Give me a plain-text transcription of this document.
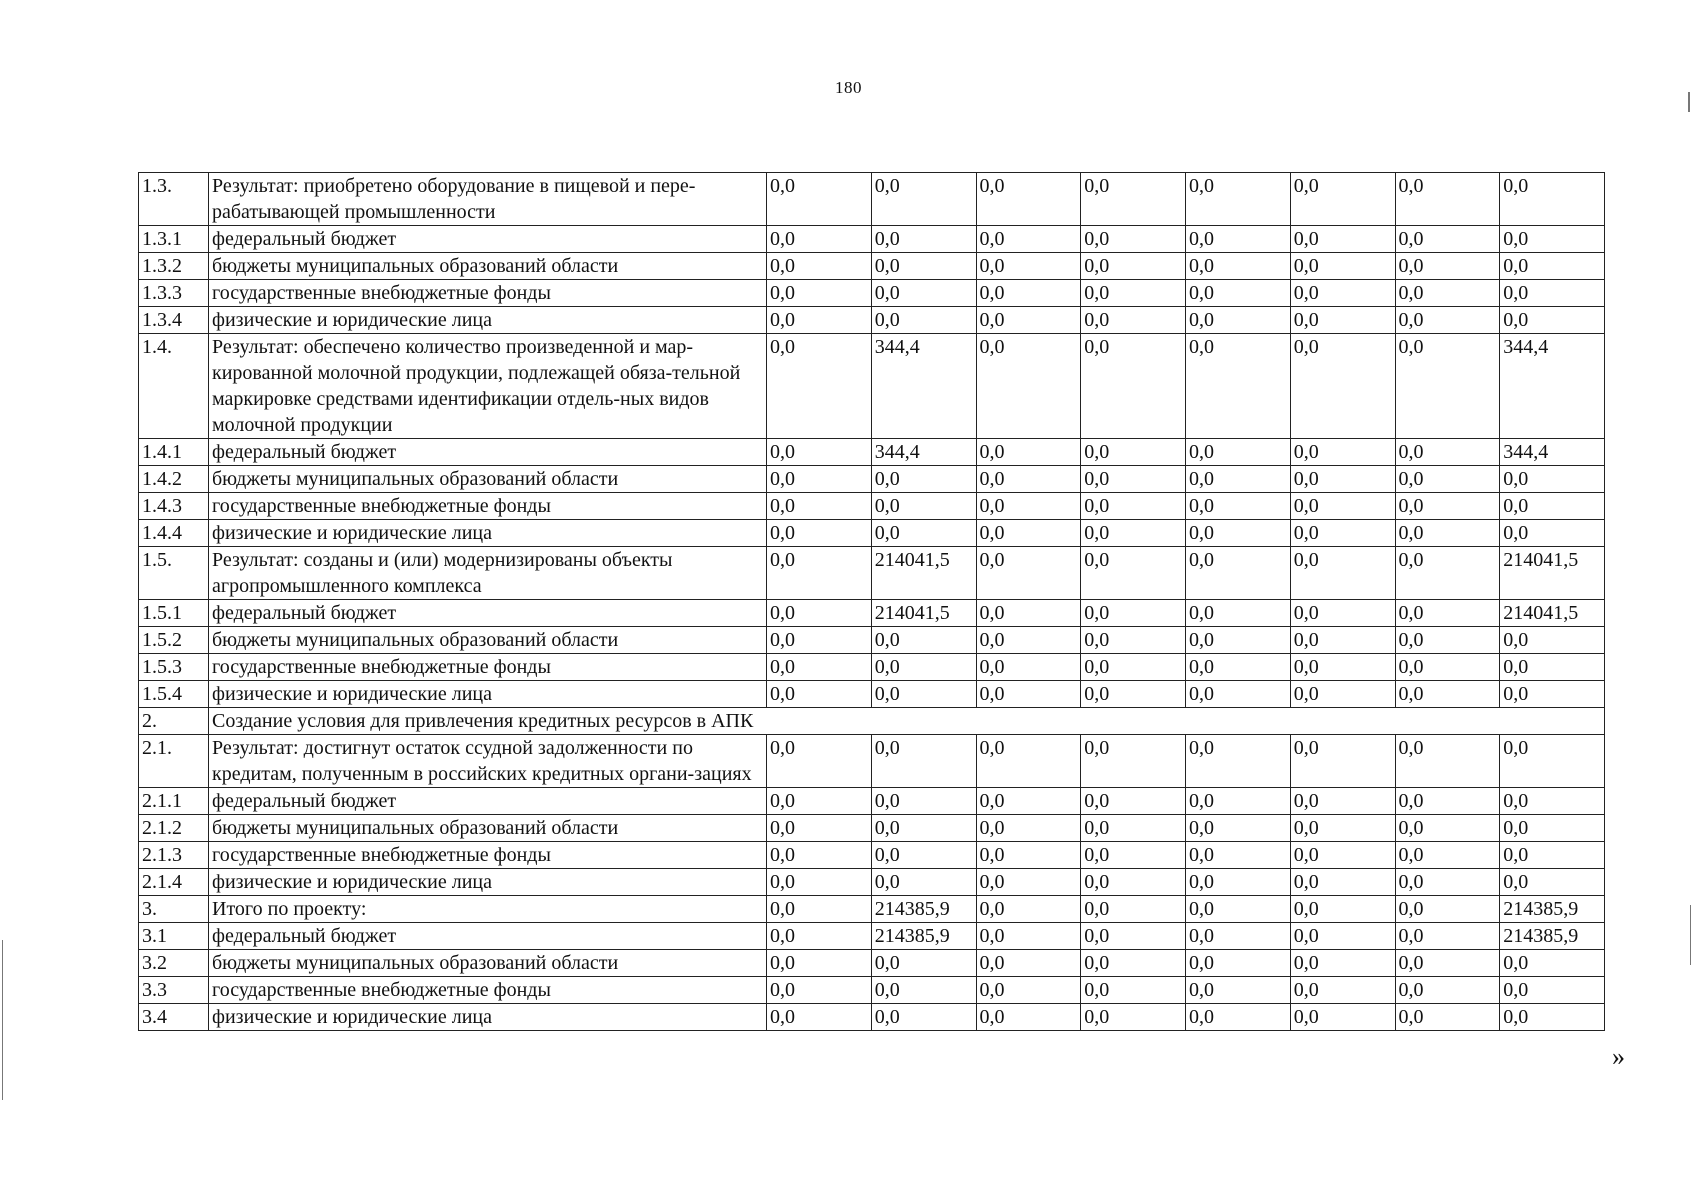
180
1.3.	Результат: приобретено оборудование в пищевой и пере-рабатывающей промышленности	0,0	0,0	0,0	0,0	0,0	0,0	0,0	0,0
1.3.1	федеральный бюджет	0,0	0,0	0,0	0,0	0,0	0,0	0,0	0,0
1.3.2	бюджеты муниципальных образований области	0,0	0,0	0,0	0,0	0,0	0,0	0,0	0,0
1.3.3	государственные внебюджетные фонды	0,0	0,0	0,0	0,0	0,0	0,0	0,0	0,0
1.3.4	физические и юридические лица	0,0	0,0	0,0	0,0	0,0	0,0	0,0	0,0
1.4.	Результат: обеспечено количество произведенной и мар-кированной молочной продукции, подлежащей обяза-тельной маркировке средствами идентификации отдель-ных видов молочной продукции	0,0	344,4	0,0	0,0	0,0	0,0	0,0	344,4
1.4.1	федеральный бюджет	0,0	344,4	0,0	0,0	0,0	0,0	0,0	344,4
1.4.2	бюджеты муниципальных образований области	0,0	0,0	0,0	0,0	0,0	0,0	0,0	0,0
1.4.3	государственные внебюджетные фонды	0,0	0,0	0,0	0,0	0,0	0,0	0,0	0,0
1.4.4	физические и юридические лица	0,0	0,0	0,0	0,0	0,0	0,0	0,0	0,0
1.5.	Результат: созданы и (или) модернизированы объекты агропромышленного комплекса	0,0	214041,5	0,0	0,0	0,0	0,0	0,0	214041,5
1.5.1	федеральный бюджет	0,0	214041,5	0,0	0,0	0,0	0,0	0,0	214041,5
1.5.2	бюджеты муниципальных образований области	0,0	0,0	0,0	0,0	0,0	0,0	0,0	0,0
1.5.3	государственные внебюджетные фонды	0,0	0,0	0,0	0,0	0,0	0,0	0,0	0,0
1.5.4	физические и юридические лица	0,0	0,0	0,0	0,0	0,0	0,0	0,0	0,0
2.	Создание условия для привлечения кредитных ресурсов в АПК								
2.1.	Результат: достигнут остаток ссудной задолженности по кредитам, полученным в российских кредитных органи-зациях	0,0	0,0	0,0	0,0	0,0	0,0	0,0	0,0
2.1.1	федеральный бюджет	0,0	0,0	0,0	0,0	0,0	0,0	0,0	0,0
2.1.2	бюджеты муниципальных образований области	0,0	0,0	0,0	0,0	0,0	0,0	0,0	0,0
2.1.3	государственные внебюджетные фонды	0,0	0,0	0,0	0,0	0,0	0,0	0,0	0,0
2.1.4	физические и юридические лица	0,0	0,0	0,0	0,0	0,0	0,0	0,0	0,0
3.	Итого по проекту:	0,0	214385,9	0,0	0,0	0,0	0,0	0,0	214385,9
3.1	федеральный бюджет	0,0	214385,9	0,0	0,0	0,0	0,0	0,0	214385,9
3.2	бюджеты муниципальных образований области	0,0	0,0	0,0	0,0	0,0	0,0	0,0	0,0
3.3	государственные внебюджетные фонды	0,0	0,0	0,0	0,0	0,0	0,0	0,0	0,0
3.4	физические и юридические лица	0,0	0,0	0,0	0,0	0,0	0,0	0,0	0,0
»
